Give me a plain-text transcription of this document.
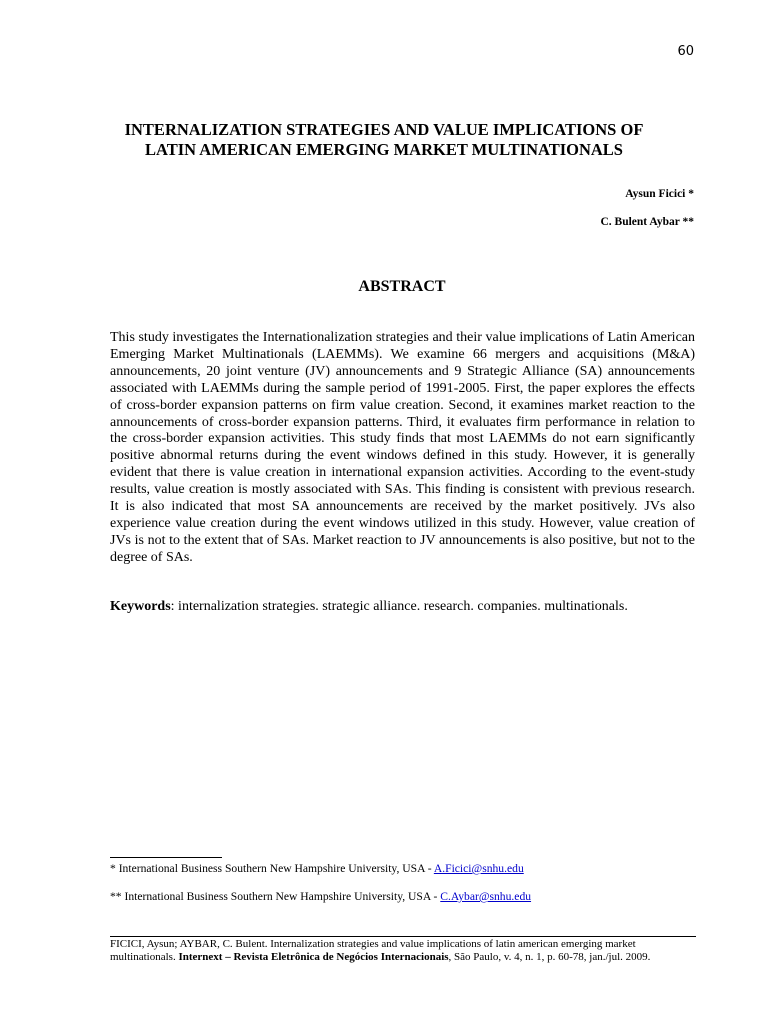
60
INTERNALIZATION STRATEGIES AND VALUE IMPLICATIONS OF
LATIN AMERICAN EMERGING MARKET MULTINATIONALS
Aysun Ficici *
C. Bulent Aybar **
ABSTRACT
This study investigates the Internationalization strategies and their value implications of Latin American Emerging Market Multinationals (LAEMMs). We examine 66 mergers and acquisitions (M&A) announcements, 20 joint venture (JV) announcements and 9 Strategic Alliance (SA) announcements associated with LAEMMs during the sample period of 1991-2005. First, the paper explores the effects of cross-border expansion patterns on firm value creation. Second, it examines market reaction to the announcements of cross-border expansion patterns. Third, it evaluates firm performance in relation to the cross-border expansion activities. This study finds that most LAEMMs do not earn significantly positive abnormal returns during the event windows defined in this study. However, it is generally evident that there is value creation in international expansion activities. According to the event-study results, value creation is mostly associated with SAs. This finding is consistent with previous research. It is also indicated that most SA announcements are received by the market positively. JVs also experience value creation during the event windows utilized in this study. However, value creation of JVs is not to the extent that of SAs. Market reaction to JV announcements is also positive, but not to the degree of SAs.
Keywords: internalization strategies. strategic alliance. research. companies. multinationals.
* International Business Southern New Hampshire University, USA - A.Ficici@snhu.edu
** International Business Southern New Hampshire University, USA - C.Aybar@snhu.edu
FICICI, Aysun; AYBAR, C. Bulent. Internalization strategies and value implications of latin american emerging market multinationals. Internext – Revista Eletrônica de Negócios Internacionais, São Paulo, v. 4, n. 1, p. 60-78, jan./jul. 2009.
